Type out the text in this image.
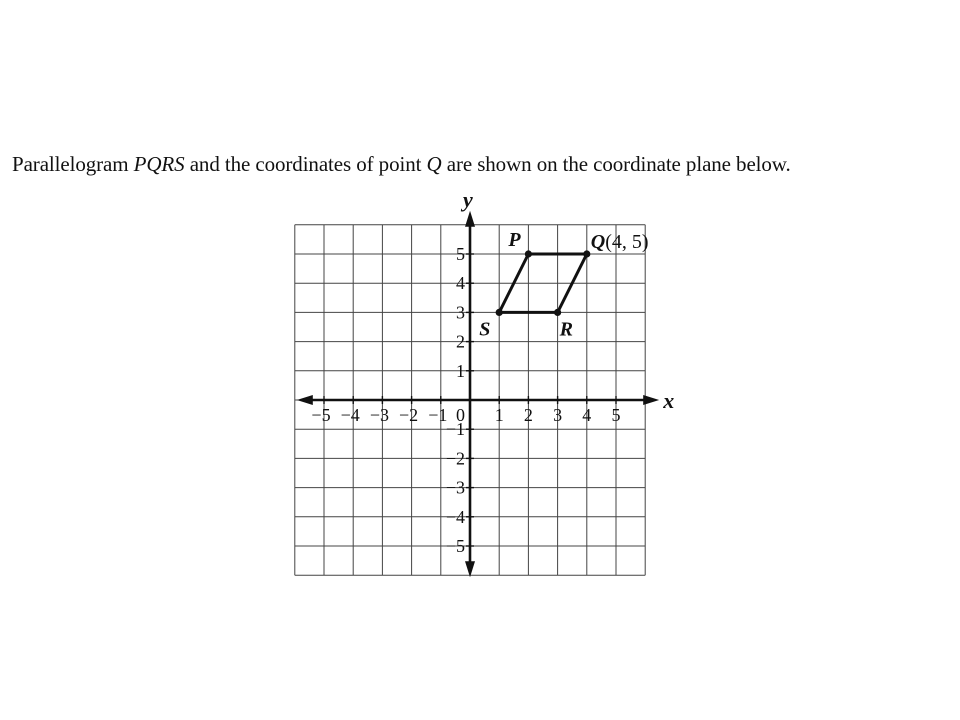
Parallelogram PQRS and the coordinates of point Q are shown on the coordinate plane below.
x
y
−5 −4 −3 −2 −1	1 2 3 4 5
−5
−4
−3
−2
−1
1
2
3
4
5
0
P	Q(4, 5)
R
S
